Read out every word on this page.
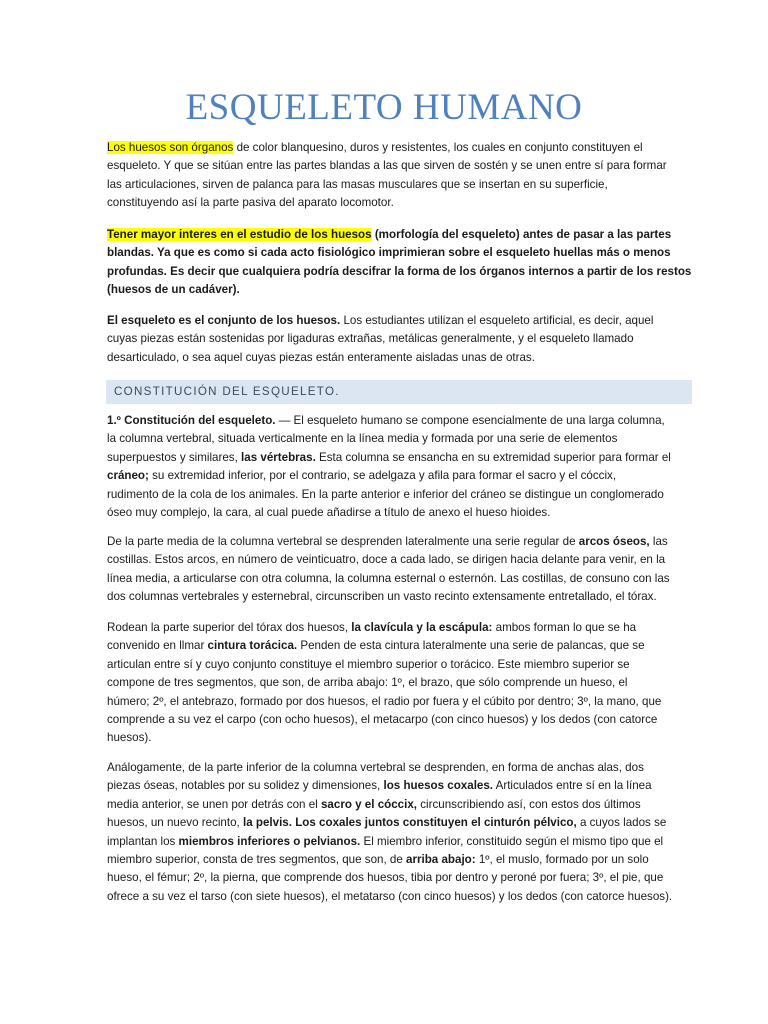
ESQUELETO HUMANO

Los huesos son órganos de color blanquesino, duros y resistentes, los cuales en conjunto constituyen el

esqueleto. Y que se sitúan entre las partes blandas a las que sirven de sostén y se unen entre sí para formar

las articulaciones, sirven de palanca para las masas musculares que se insertan en su superficie,

constituyendo así la parte pasiva del aparato locomotor.

Tener mayor interes en el estudio de los huesos (morfología del esqueleto) antes de pasar a las partes

blandas. Ya que es como si cada acto fisiológico imprimieran sobre el esqueleto huellas más o menos

profundas. Es decir que cualquiera podría descifrar la forma de los órganos internos a partir de los restos

(huesos de un cadáver).

El esqueleto es el conjunto de los huesos. Los estudiantes utilizan el esqueleto artificial, es decir, aquel

cuyas piezas están sostenidas por ligaduras extrañas, metálicas generalmente, y el esqueleto llamado

desarticulado, o sea aquel cuyas piezas están enteramente aisladas unas de otras.

CONSTITUCIÓN DEL ESQUELETO.

1.º Constitución del esqueleto. — El esqueleto humano se compone esencialmente de una larga columna,

la columna vertebral, situada verticalmente en la línea media y formada por una serie de elementos

superpuestos y similares, las vértebras. Esta columna se ensancha en su extremidad superior para formar el

cráneo; su extremidad inferior, por el contrario, se adelgaza y afila para formar el sacro y el cóccix,

rudimento de la cola de los animales. En la parte anterior e inferior del cráneo se distingue un conglomerado

óseo muy complejo, la cara, al cual puede añadirse a título de anexo el hueso hioides.

De la parte media de la columna vertebral se desprenden lateralmente una serie regular de arcos óseos, las

costillas. Estos arcos, en número de veinticuatro, doce a cada lado, se dirigen hacia delante para venir, en la

línea media, a articularse con otra columna, la columna esternal o esternón. Las costillas, de consuno con las

dos columnas vertebrales y esternebral, circunscriben un vasto recinto extensamente entretallado, el tórax.

Rodean la parte superior del tórax dos huesos, la clavícula y la escápula: ambos forman lo que se ha

convenido en llmar cintura torácica. Penden de esta cintura lateralmente una serie de palancas, que se

articulan entre sí y cuyo conjunto constituye el miembro superior o torácico. Este miembro superior se

compone de tres segmentos, que son, de arriba abajo: 1º, el brazo, que sólo comprende un hueso, el

húmero; 2º, el antebrazo, formado por dos huesos, el radio por fuera y el cúbito por dentro; 3º, la mano, que

comprende a su vez el carpo (con ocho huesos), el metacarpo (con cinco huesos) y los dedos (con catorce

huesos).

Análogamente, de la parte inferior de la columna vertebral se desprenden, en forma de anchas alas, dos

piezas óseas, notables por su solidez y dimensiones, los huesos coxales. Articulados entre sí en la línea

media anterior, se unen por detrás con el sacro y el cóccix, circunscribiendo así, con estos dos últimos

huesos, un nuevo recinto, la pelvis. Los coxales juntos constituyen el cinturón pélvico, a cuyos lados se

implantan los miembros inferiores o pelvianos. El miembro inferior, constituido según el mismo tipo que el

miembro superior, consta de tres segmentos, que son, de arriba abajo: 1º, el muslo, formado por un solo

hueso, el fémur; 2º, la pierna, que comprende dos huesos, tibia por dentro y peroné por fuera; 3º, el pie, que

ofrece a su vez el tarso (con siete huesos), el metatarso (con cinco huesos) y los dedos (con catorce huesos).
